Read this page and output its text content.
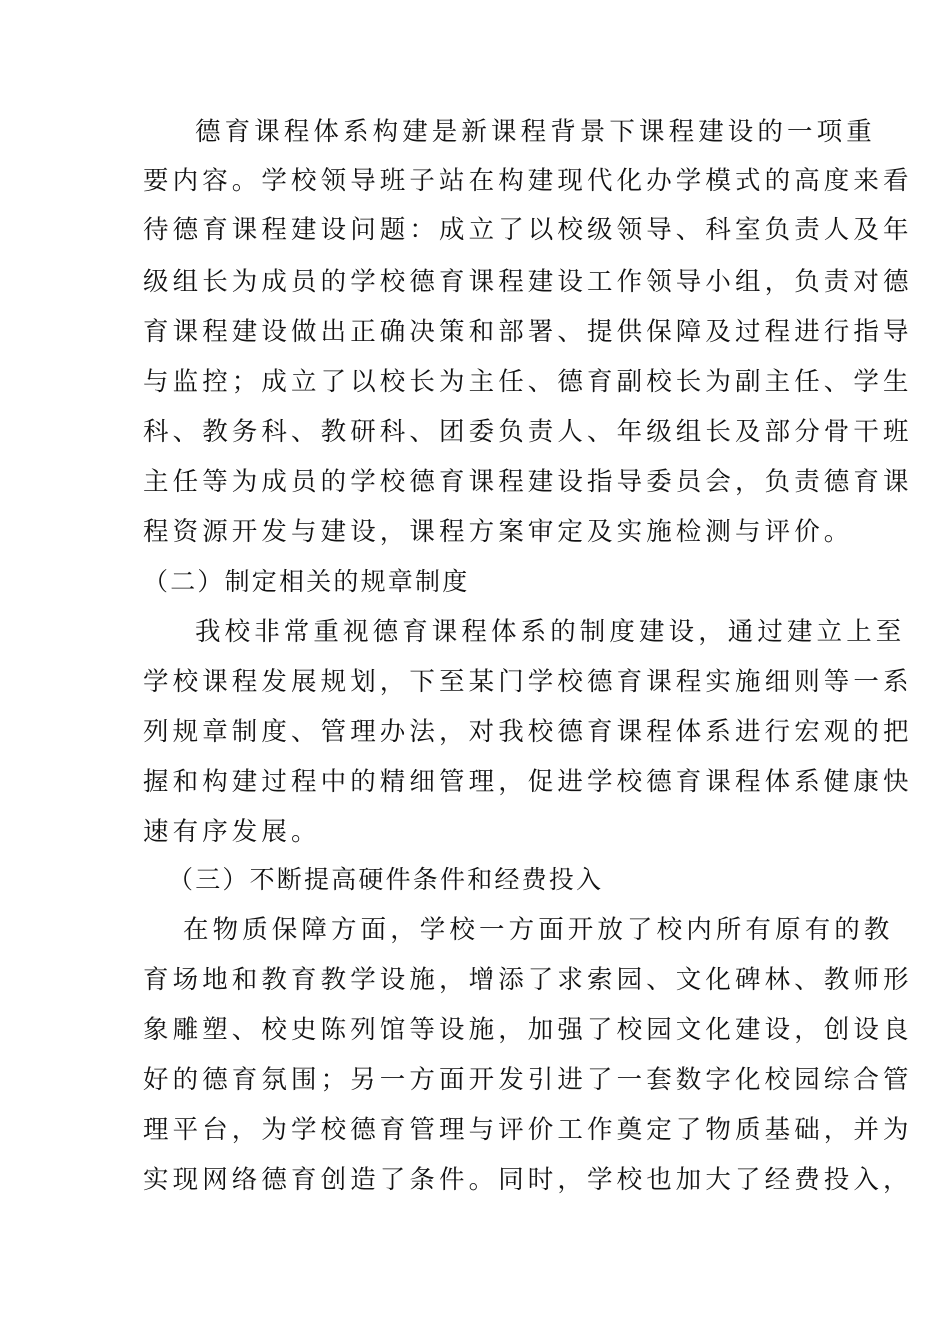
德育课程体系构建是新课程背景下课程建设的一项重
要内容。学校领导班子站在构建现代化办学模式的高度来看
待德育课程建设问题：成立了以校级领导、科室负责人及年
级组长为成员的学校德育课程建设工作领导小组，负责对德
育课程建设做出正确决策和部署、提供保障及过程进行指导
与监控；成立了以校长为主任、德育副校长为副主任、学生
科、教务科、教研科、团委负责人、年级组长及部分骨干班
主任等为成员的学校德育课程建设指导委员会，负责德育课
程资源开发与建设，课程方案审定及实施检测与评价。
（二）制定相关的规章制度
我校非常重视德育课程体系的制度建设，通过建立上至
学校课程发展规划，下至某门学校德育课程实施细则等一系
列规章制度、管理办法，对我校德育课程体系进行宏观的把
握和构建过程中的精细管理，促进学校德育课程体系健康快
速有序发展。
（三）不断提高硬件条件和经费投入
在物质保障方面，学校一方面开放了校内所有原有的教
育场地和教育教学设施，增添了求索园、文化碑林、教师形
象雕塑、校史陈列馆等设施，加强了校园文化建设，创设良
好的德育氛围；另一方面开发引进了一套数字化校园综合管
理平台，为学校德育管理与评价工作奠定了物质基础，并为
实现网络德育创造了条件。同时，学校也加大了经费投入，
